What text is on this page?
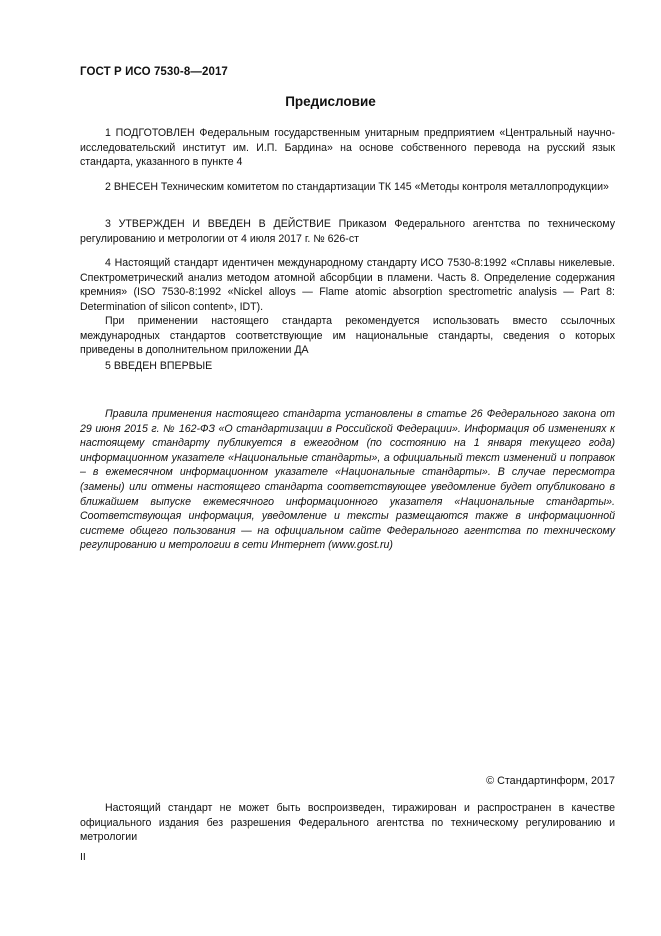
ГОСТ Р ИСО 7530-8—2017
Предисловие

1 ПОДГОТОВЛЕН Федеральным государственным унитарным предприятием «Центральный научно-исследовательский институт им. И.П. Бардина» на основе собственного перевода на русский язык стандарта, указанного в пункте 4

2 ВНЕСЕН Техническим комитетом по стандартизации ТК 145 «Методы контроля металлопродукции»

3 УТВЕРЖДЕН И ВВЕДЕН В ДЕЙСТВИЕ Приказом Федерального агентства по техническому регулированию и метрологии от 4 июля 2017 г. № 626-ст

4 Настоящий стандарт идентичен международному стандарту ИСО 7530-8:1992 «Сплавы никелевые. Спектрометрический анализ методом атомной абсорбции в пламени. Часть 8. Определение содержания кремния» (ISO 7530-8:1992 «Nickel alloys — Flame atomic absorption spectrometric analysis — Part 8: Determination of silicon content», IDT).

При применении настоящего стандарта рекомендуется использовать вместо ссылочных международных стандартов соответствующие им национальные стандарты, сведения о которых приведены в дополнительном приложении ДА

5 ВВЕДЕН ВПЕРВЫЕ

Правила применения настоящего стандарта установлены в статье 26 Федерального закона от 29 июня 2015 г. № 162-ФЗ «О стандартизации в Российской Федерации». Информация об изменениях к настоящему стандарту публикуется в ежегодном (по состоянию на 1 января текущего года) информационном указателе «Национальные стандарты», а официальный текст изменений и поправок – в ежемесячном информационном указателе «Национальные стандарты». В случае пересмотра (замены) или отмены настоящего стандарта соответствующее уведомление будет опубликовано в ближайшем выпуске ежемесячного информационного указателя «Национальные стандарты». Соответствующая информация, уведомление и тексты размещаются также в информационной системе общего пользования — на официальном сайте Федерального агентства по техническому регулированию и метрологии в сети Интернет (www.gost.ru)

© Стандартинформ, 2017

Настоящий стандарт не может быть воспроизведен, тиражирован и распространен в качестве официального издания без разрешения Федерального агентства по техническому регулированию и метрологии

II
